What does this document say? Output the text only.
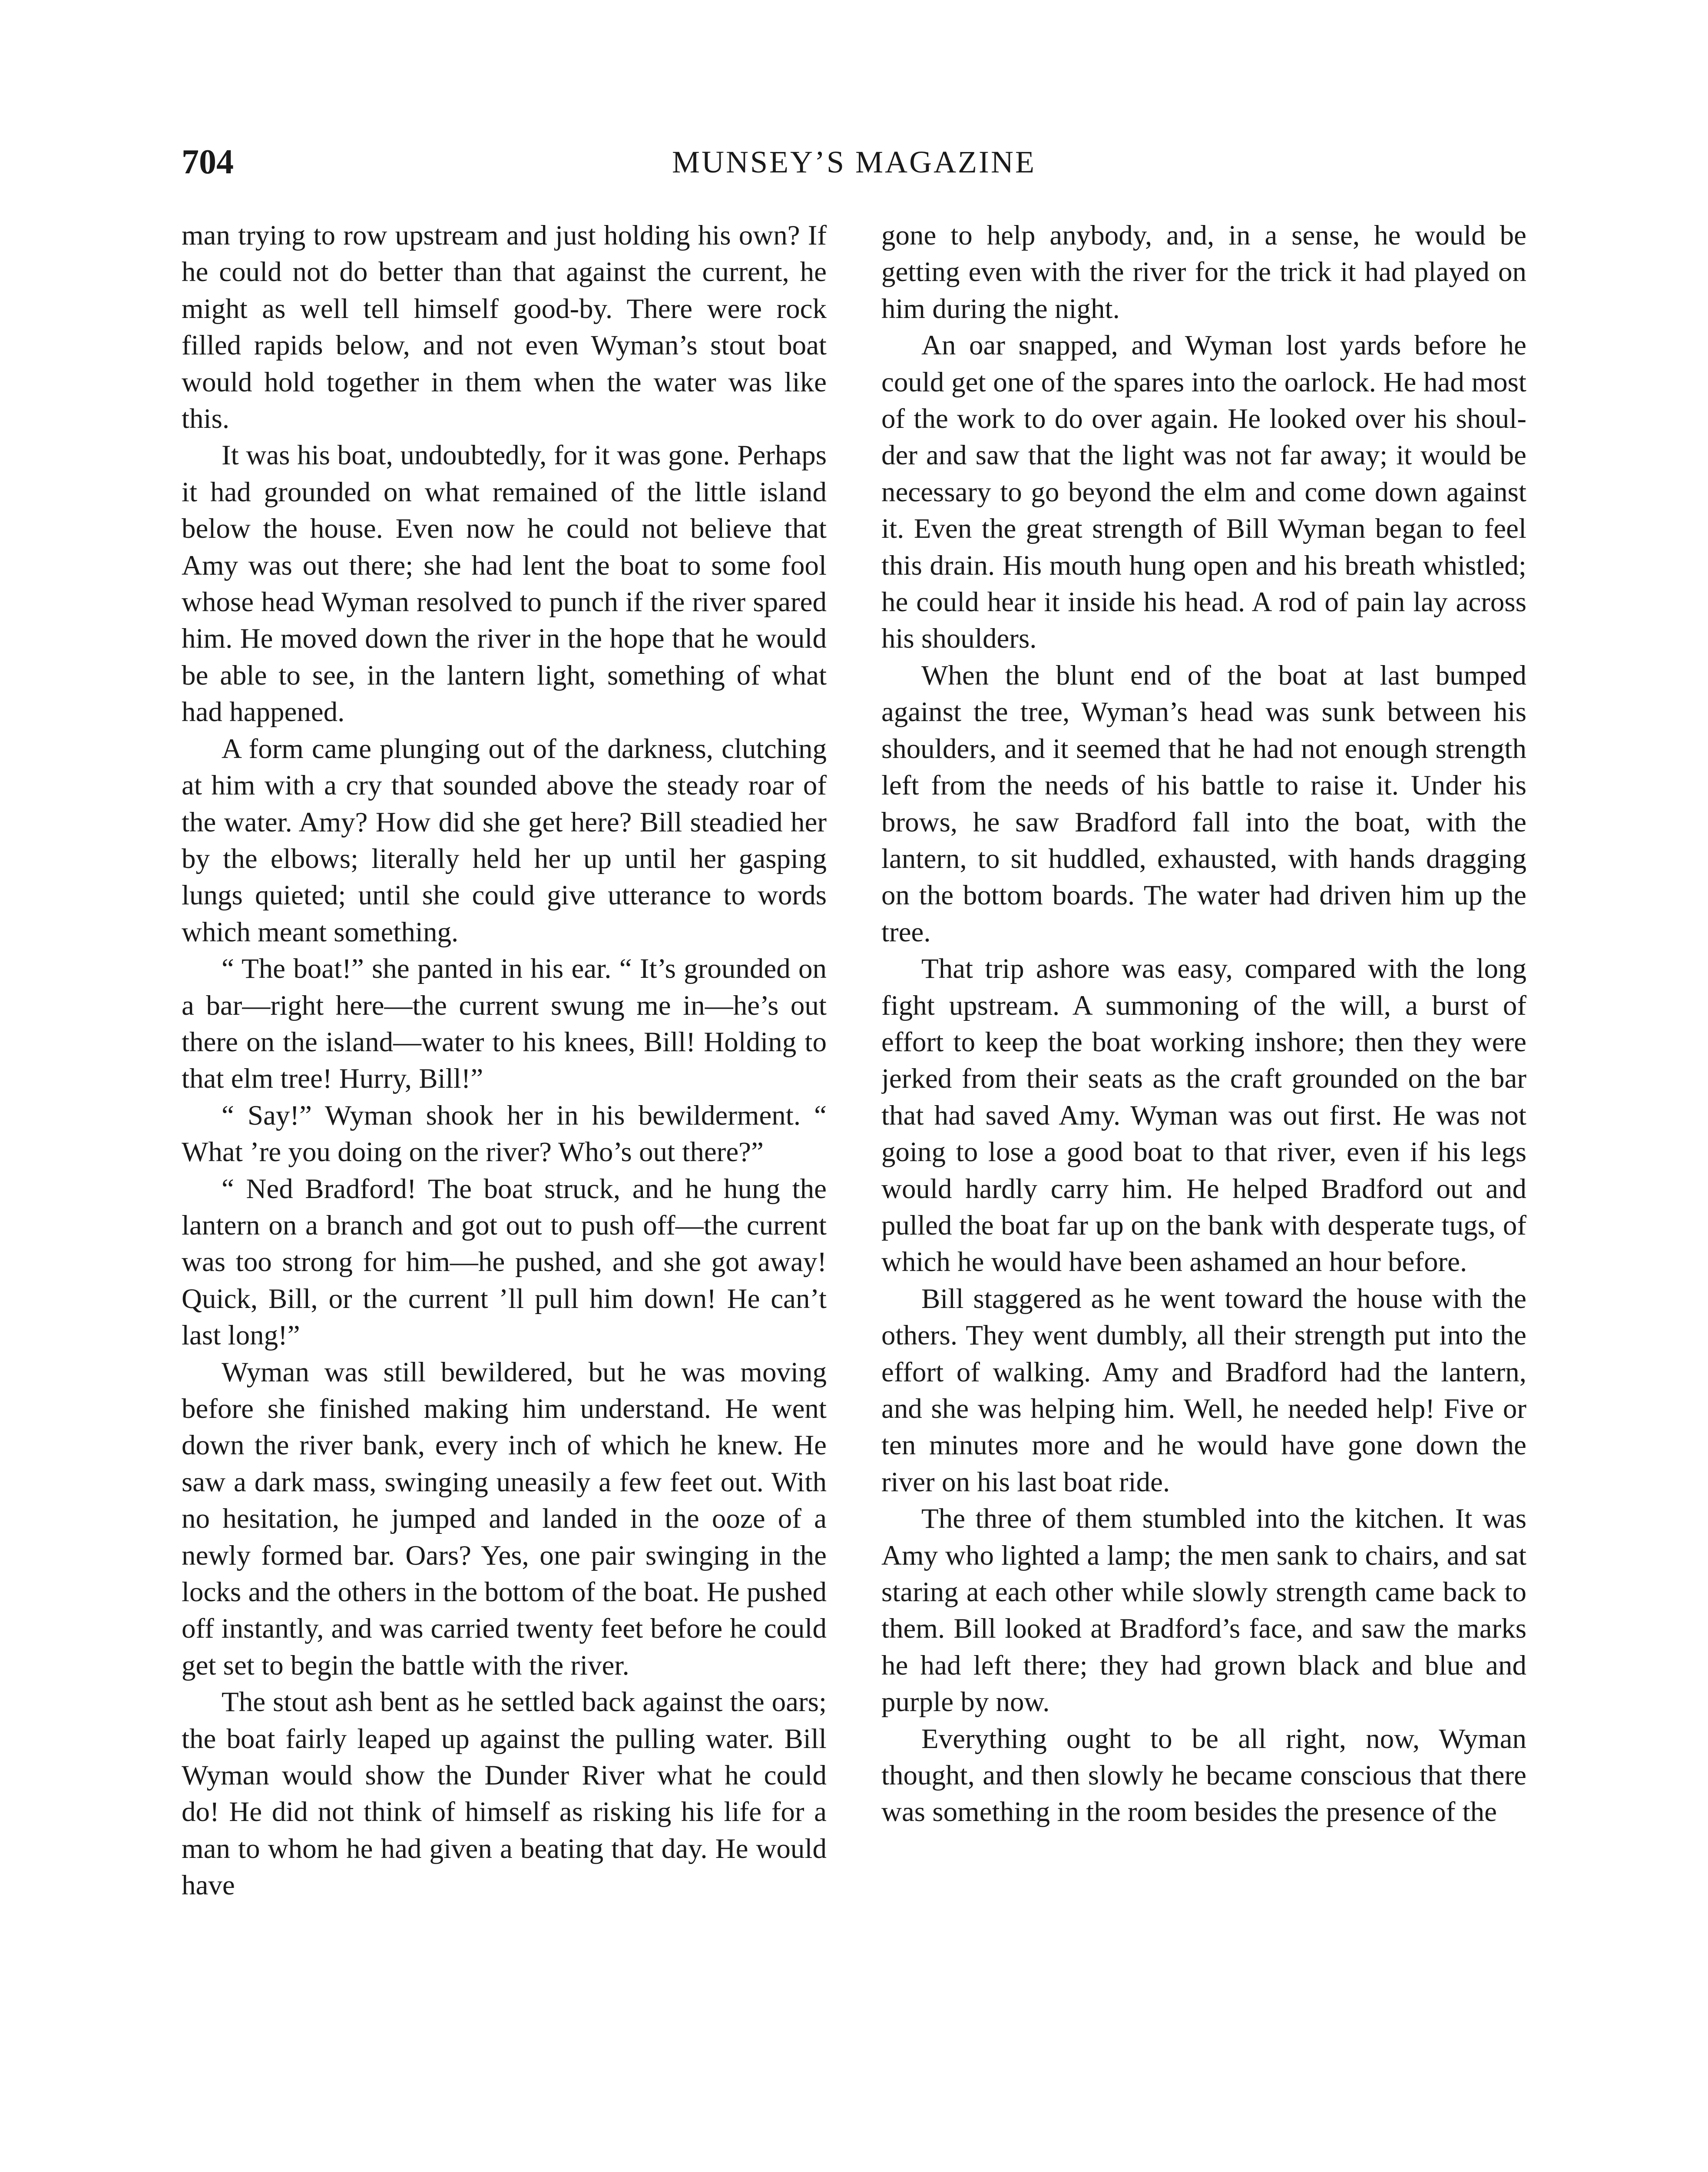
704	MUNSEY’S MAGAZINE

man trying to row upstream and just holding his own? If he could not do better than that against the current, he might as well tell himself good-by. There were rock filled rapids below, and not even Wyman’s stout boat would hold together in them when the water was like this.

It was his boat, undoubtedly, for it was gone. Perhaps it had grounded on what remained of the little island below the house. Even now he could not believe that Amy was out there; she had lent the boat to some fool whose head Wyman resolved to punch if the river spared him. He moved down the river in the hope that he would be able to see, in the lantern light, something of what had happened.

A form came plunging out of the darkness, clutching at him with a cry that sounded above the steady roar of the water. Amy? How did she get here? Bill steadied her by the elbows; literally held her up until her gasping lungs quieted; until she could give utterance to words which meant something.

“ The boat!” she panted in his ear. “ It’s grounded on a bar—right here—the current swung me in—he’s out there on the island—water to his knees, Bill! Holding to that elm tree! Hurry, Bill!”

“ Say!” Wyman shook her in his bewilderment. “ What ’re you doing on the river? Who’s out there?”

“ Ned Bradford! The boat struck, and he hung the lantern on a branch and got out to push off—the current was too strong for him—he pushed, and she got away! Quick, Bill, or the current ’ll pull him down! He can’t last long!”

Wyman was still bewildered, but he was moving before she finished making him understand. He went down the river bank, every inch of which he knew. He saw a dark mass, swinging uneasily a few feet out. With no hesitation, he jumped and landed in the ooze of a newly formed bar. Oars? Yes, one pair swinging in the locks and the others in the bottom of the boat. He pushed off instantly, and was carried twenty feet before he could get set to begin the battle with the river.

The stout ash bent as he settled back against the oars; the boat fairly leaped up against the pulling water. Bill Wyman would show the Dunder River what he could do! He did not think of himself as risking his life for a man to whom he had given a beating that day. He would have

gone to help anybody, and, in a sense, he would be getting even with the river for the trick it had played on him during the night.

An oar snapped, and Wyman lost yards before he could get one of the spares into the oarlock. He had most of the work to do over again. He looked over his shoulder and saw that the light was not far away; it would be necessary to go beyond the elm and come down against it. Even the great strength of Bill Wyman began to feel this drain. His mouth hung open and his breath whistled; he could hear it inside his head. A rod of pain lay across his shoulders.

When the blunt end of the boat at last bumped against the tree, Wyman’s head was sunk between his shoulders, and it seemed that he had not enough strength left from the needs of his battle to raise it. Under his brows, he saw Bradford fall into the boat, with the lantern, to sit huddled, exhausted, with hands dragging on the bottom boards. The water had driven him up the tree.

That trip ashore was easy, compared with the long fight upstream. A summoning of the will, a burst of effort to keep the boat working inshore; then they were jerked from their seats as the craft grounded on the bar that had saved Amy. Wyman was out first. He was not going to lose a good boat to that river, even if his legs would hardly carry him. He helped Bradford out and pulled the boat far up on the bank with desperate tugs, of which he would have been ashamed an hour before.

Bill staggered as he went toward the house with the others. They went dumbly, all their strength put into the effort of walking. Amy and Bradford had the lantern, and she was helping him. Well, he needed help! Five or ten minutes more and he would have gone down the river on his last boat ride.

The three of them stumbled into the kitchen. It was Amy who lighted a lamp; the men sank to chairs, and sat staring at each other while slowly strength came back to them. Bill looked at Bradford’s face, and saw the marks he had left there; they had grown black and blue and purple by now.

Everything ought to be all right, now, Wyman thought, and then slowly he became conscious that there was something in the room besides the presence of the
